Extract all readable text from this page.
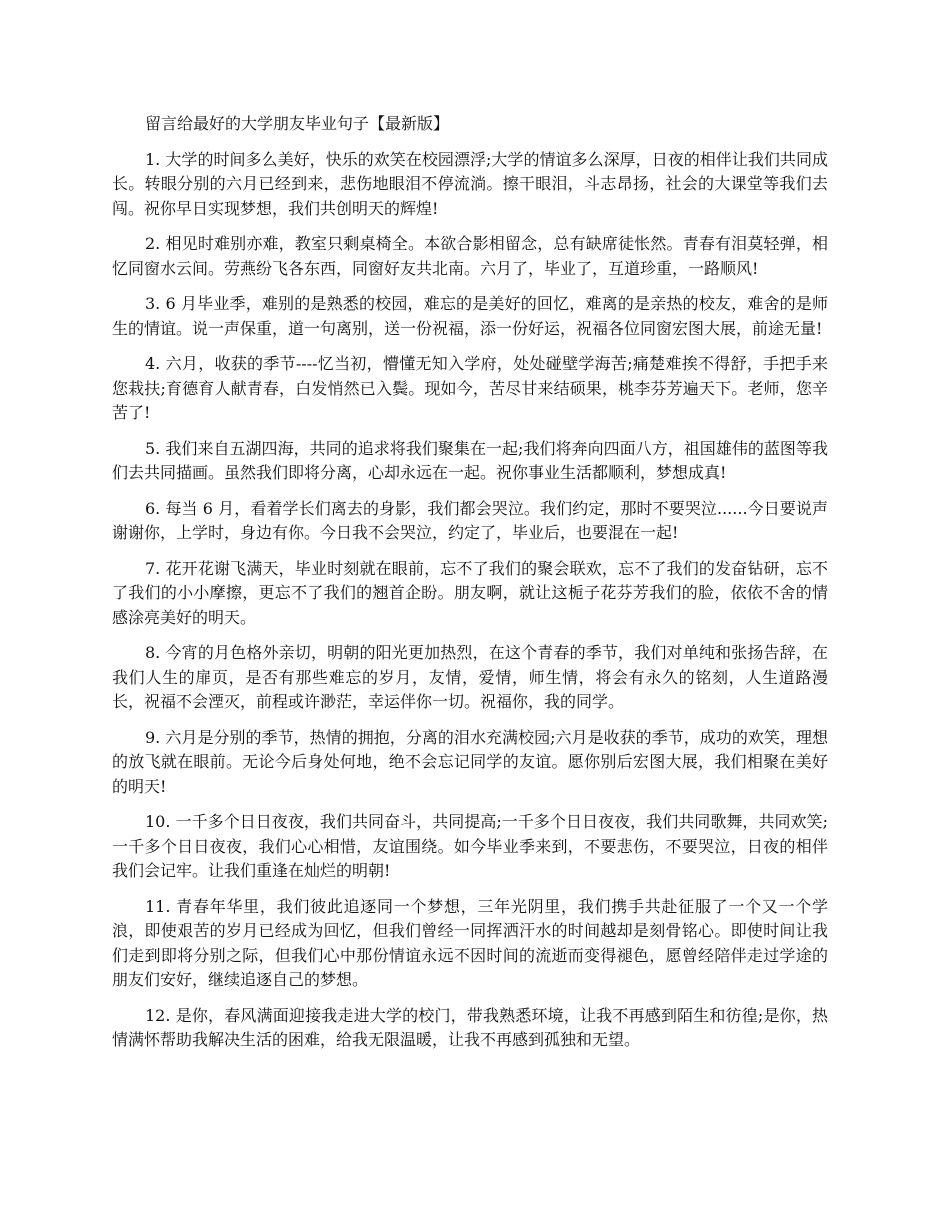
留言给最好的大学朋友毕业句子【最新版】

1. 大学的时间多么美好，快乐的欢笑在校园漂浮;大学的情谊多么深厚，日夜的相伴让我们共同成长。转眼分别的六月已经到来，悲伤地眼泪不停流淌。擦干眼泪，斗志昂扬，社会的大课堂等我们去闯。祝你早日实现梦想，我们共创明天的辉煌!

2. 相见时难别亦难，教室只剩桌椅全。本欲合影相留念，总有缺席徒怅然。青春有泪莫轻弹，相忆同窗水云间。劳燕纷飞各东西，同窗好友共北南。六月了，毕业了，互道珍重，一路顺风!

3. 6 月毕业季，难别的是熟悉的校园，难忘的是美好的回忆，难离的是亲热的校友，难舍的是师生的情谊。说一声保重，道一句离别，送一份祝福，添一份好运，祝福各位同窗宏图大展，前途无量!

4. 六月，收获的季节----忆当初，懵懂无知入学府，处处碰壁学海苦;痛楚难挨不得舒，手把手来您栽扶;育德育人献青春，白发悄然已入鬓。现如今，苦尽甘来结硕果，桃李芬芳遍天下。老师，您辛苦了!

5. 我们来自五湖四海，共同的追求将我们聚集在一起;我们将奔向四面八方，祖国雄伟的蓝图等我们去共同描画。虽然我们即将分离，心却永远在一起。祝你事业生活都顺利，梦想成真!

6. 每当 6 月，看着学长们离去的身影，我们都会哭泣。我们约定，那时不要哭泣......今日要说声谢谢你，上学时，身边有你。今日我不会哭泣，约定了，毕业后，也要混在一起!

7. 花开花谢飞满天，毕业时刻就在眼前，忘不了我们的聚会联欢，忘不了我们的发奋钻研，忘不了我们的小小摩擦，更忘不了我们的翘首企盼。朋友啊，就让这栀子花芬芳我们的脸，依依不舍的情感涂亮美好的明天。

8. 今宵的月色格外亲切，明朝的阳光更加热烈，在这个青春的季节，我们对单纯和张扬告辞，在我们人生的扉页，是否有那些难忘的岁月，友情，爱情，师生情，将会有永久的铭刻，人生道路漫长，祝福不会湮灭，前程或许渺茫，幸运伴你一切。祝福你，我的同学。

9. 六月是分别的季节，热情的拥抱，分离的泪水充满校园;六月是收获的季节，成功的欢笑，理想的放飞就在眼前。无论今后身处何地，绝不会忘记同学的友谊。愿你别后宏图大展，我们相聚在美好的明天!

10. 一千多个日日夜夜，我们共同奋斗，共同提高;一千多个日日夜夜，我们共同歌舞，共同欢笑;一千多个日日夜夜，我们心心相惜，友谊围绕。如今毕业季来到，不要悲伤，不要哭泣，日夜的相伴我们会记牢。让我们重逢在灿烂的明朝!

11. 青春年华里，我们彼此追逐同一个梦想，三年光阴里，我们携手共赴征服了一个又一个学浪，即使艰苦的岁月已经成为回忆，但我们曾经一同挥洒汗水的时间越却是刻骨铭心。即使时间让我们走到即将分别之际，但我们心中那份情谊永远不因时间的流逝而变得褪色，愿曾经陪伴走过学途的朋友们安好，继续追逐自己的梦想。

12. 是你，春风满面迎接我走进大学的校门，带我熟悉环境，让我不再感到陌生和彷徨;是你，热情满怀帮助我解决生活的困难，给我无限温暖，让我不再感到孤独和无望。
